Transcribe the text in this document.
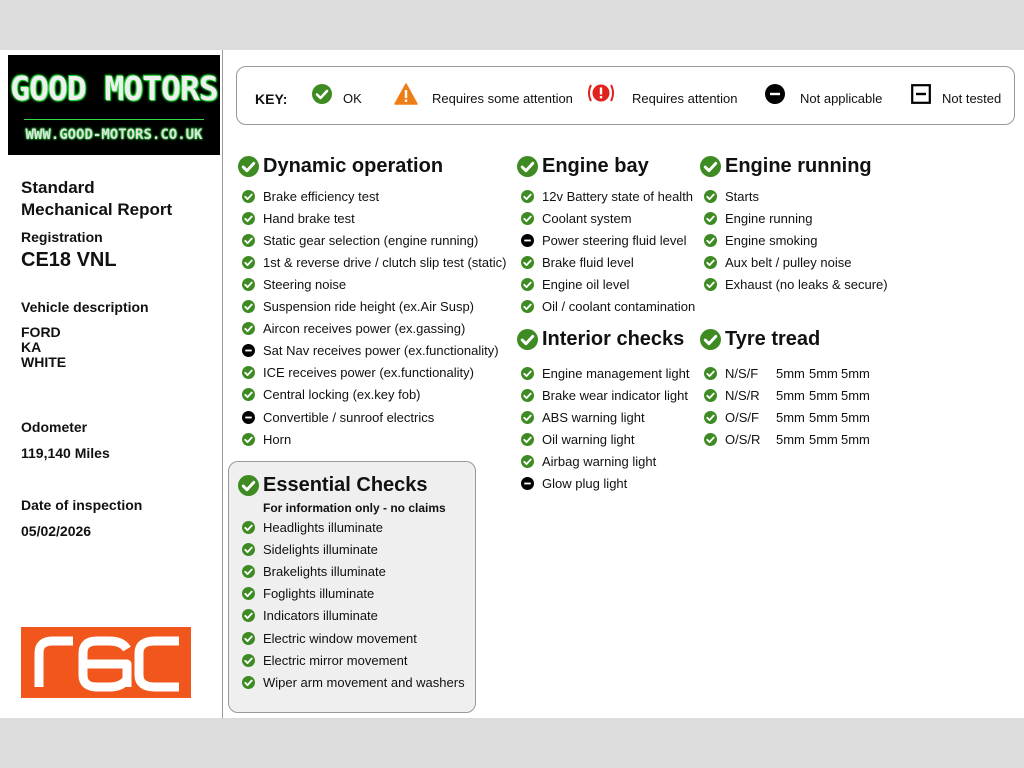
GOOD MOTORS
WWW.GOOD-MOTORS.CO.UK
Standard
Mechanical Report
Registration
CE18 VNL
Vehicle description
FORD
KA
WHITE
Odometer
119,140 Miles
Date of inspection
05/02/2026
KEY:	OK	Requires some attention	Requires attention	Not applicable	Not tested
For information only - no claims
Dynamic operation
Brake efficiency test
Hand brake test
Static gear selection (engine running)
1st & reverse drive / clutch slip test (static)
Steering noise
Suspension ride height (ex.Air Susp)
Aircon receives power (ex.gassing)
Sat Nav receives power (ex.functionality)
ICE receives power (ex.functionality)
Central locking (ex.key fob)
Convertible / sunroof electrics
Horn
Engine bay
12v Battery state of health
Coolant system
Power steering fluid level
Brake fluid level
Engine oil level
Oil / coolant contamination
Engine running
Starts
Engine running
Engine smoking
Aux belt / pulley noise
Exhaust (no leaks & secure)
Interior checks
Engine management light
Brake wear indicator light
ABS warning light
Oil warning light
Airbag warning light
Glow plug light
Tyre tread
Essential Checks
Headlights illuminate
Sidelights illuminate
Brakelights illuminate
Foglights illuminate
Indicators illuminate
Electric window movement
Electric mirror movement
Wiper arm movement and washers
N/S/F	5mm 5mm 5mm
N/S/R	5mm 5mm 5mm
O/S/F	5mm 5mm 5mm
O/S/R	5mm 5mm 5mm
